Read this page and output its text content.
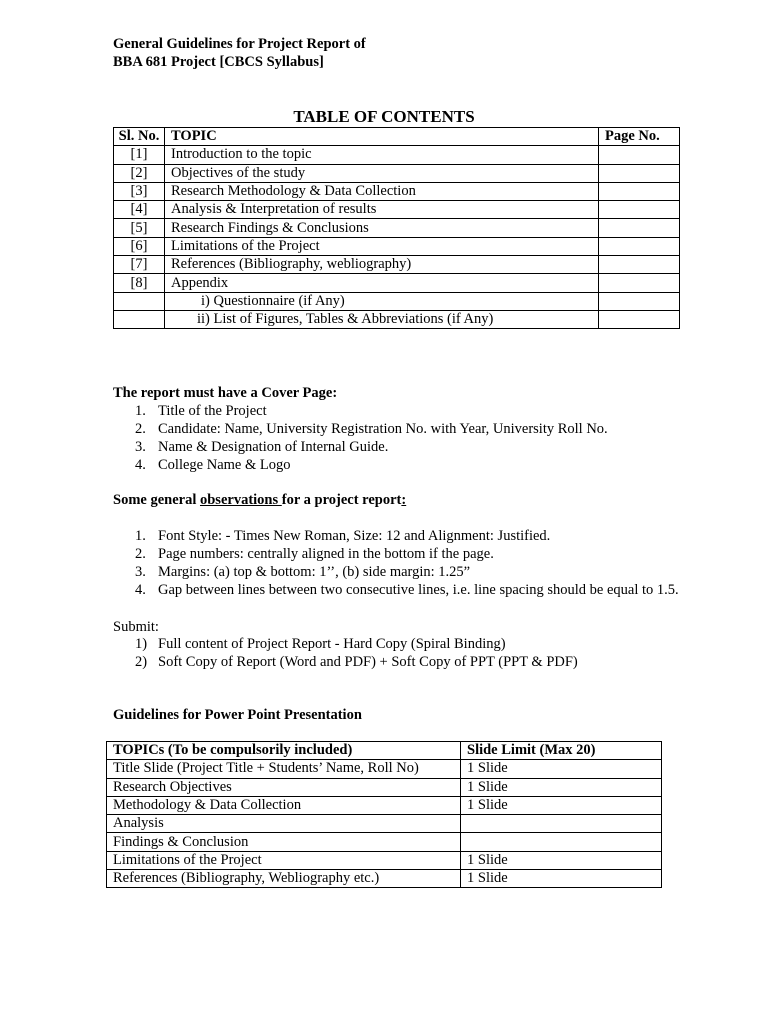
General Guidelines for Project Report of
BBA 681 Project [CBCS Syllabus]
TABLE OF CONTENTS
Sl. No.	TOPIC	Page No.
[1]	Introduction to the topic	
[2]	Objectives of the study	
[3]	Research Methodology & Data Collection	
[4]	Analysis & Interpretation of results	
[5]	Research Findings & Conclusions	
[6]	Limitations of the Project	
[7]	References (Bibliography, webliography)	
[8]	Appendix	
	i) Questionnaire (if Any)	
	ii) List of Figures, Tables & Abbreviations (if Any)	
The report must have a Cover Page:
1. Title of the Project
2. Candidate: Name, University Registration No. with Year, University Roll No.
3. Name & Designation of Internal Guide.
4. College Name & Logo
Some general observations for a project report:
1. Font Style: - Times New Roman, Size: 12 and Alignment: Justified.
2. Page numbers: centrally aligned in the bottom if the page.
3. Margins: (a) top & bottom: 1’’, (b) side margin: 1.25”
4. Gap between lines between two consecutive lines, i.e. line spacing should be equal to 1.5.
Submit:
1) Full content of Project Report - Hard Copy (Spiral Binding)
2) Soft Copy of Report (Word and PDF) + Soft Copy of PPT (PPT & PDF)
Guidelines for Power Point Presentation
TOPICs (To be compulsorily included)	Slide Limit (Max 20)
Title Slide (Project Title + Students’ Name, Roll No)	1 Slide
Research Objectives	1 Slide
Methodology & Data Collection	1 Slide
Analysis	
Findings & Conclusion	
Limitations of the Project	1 Slide
References (Bibliography, Webliography etc.)	1 Slide
